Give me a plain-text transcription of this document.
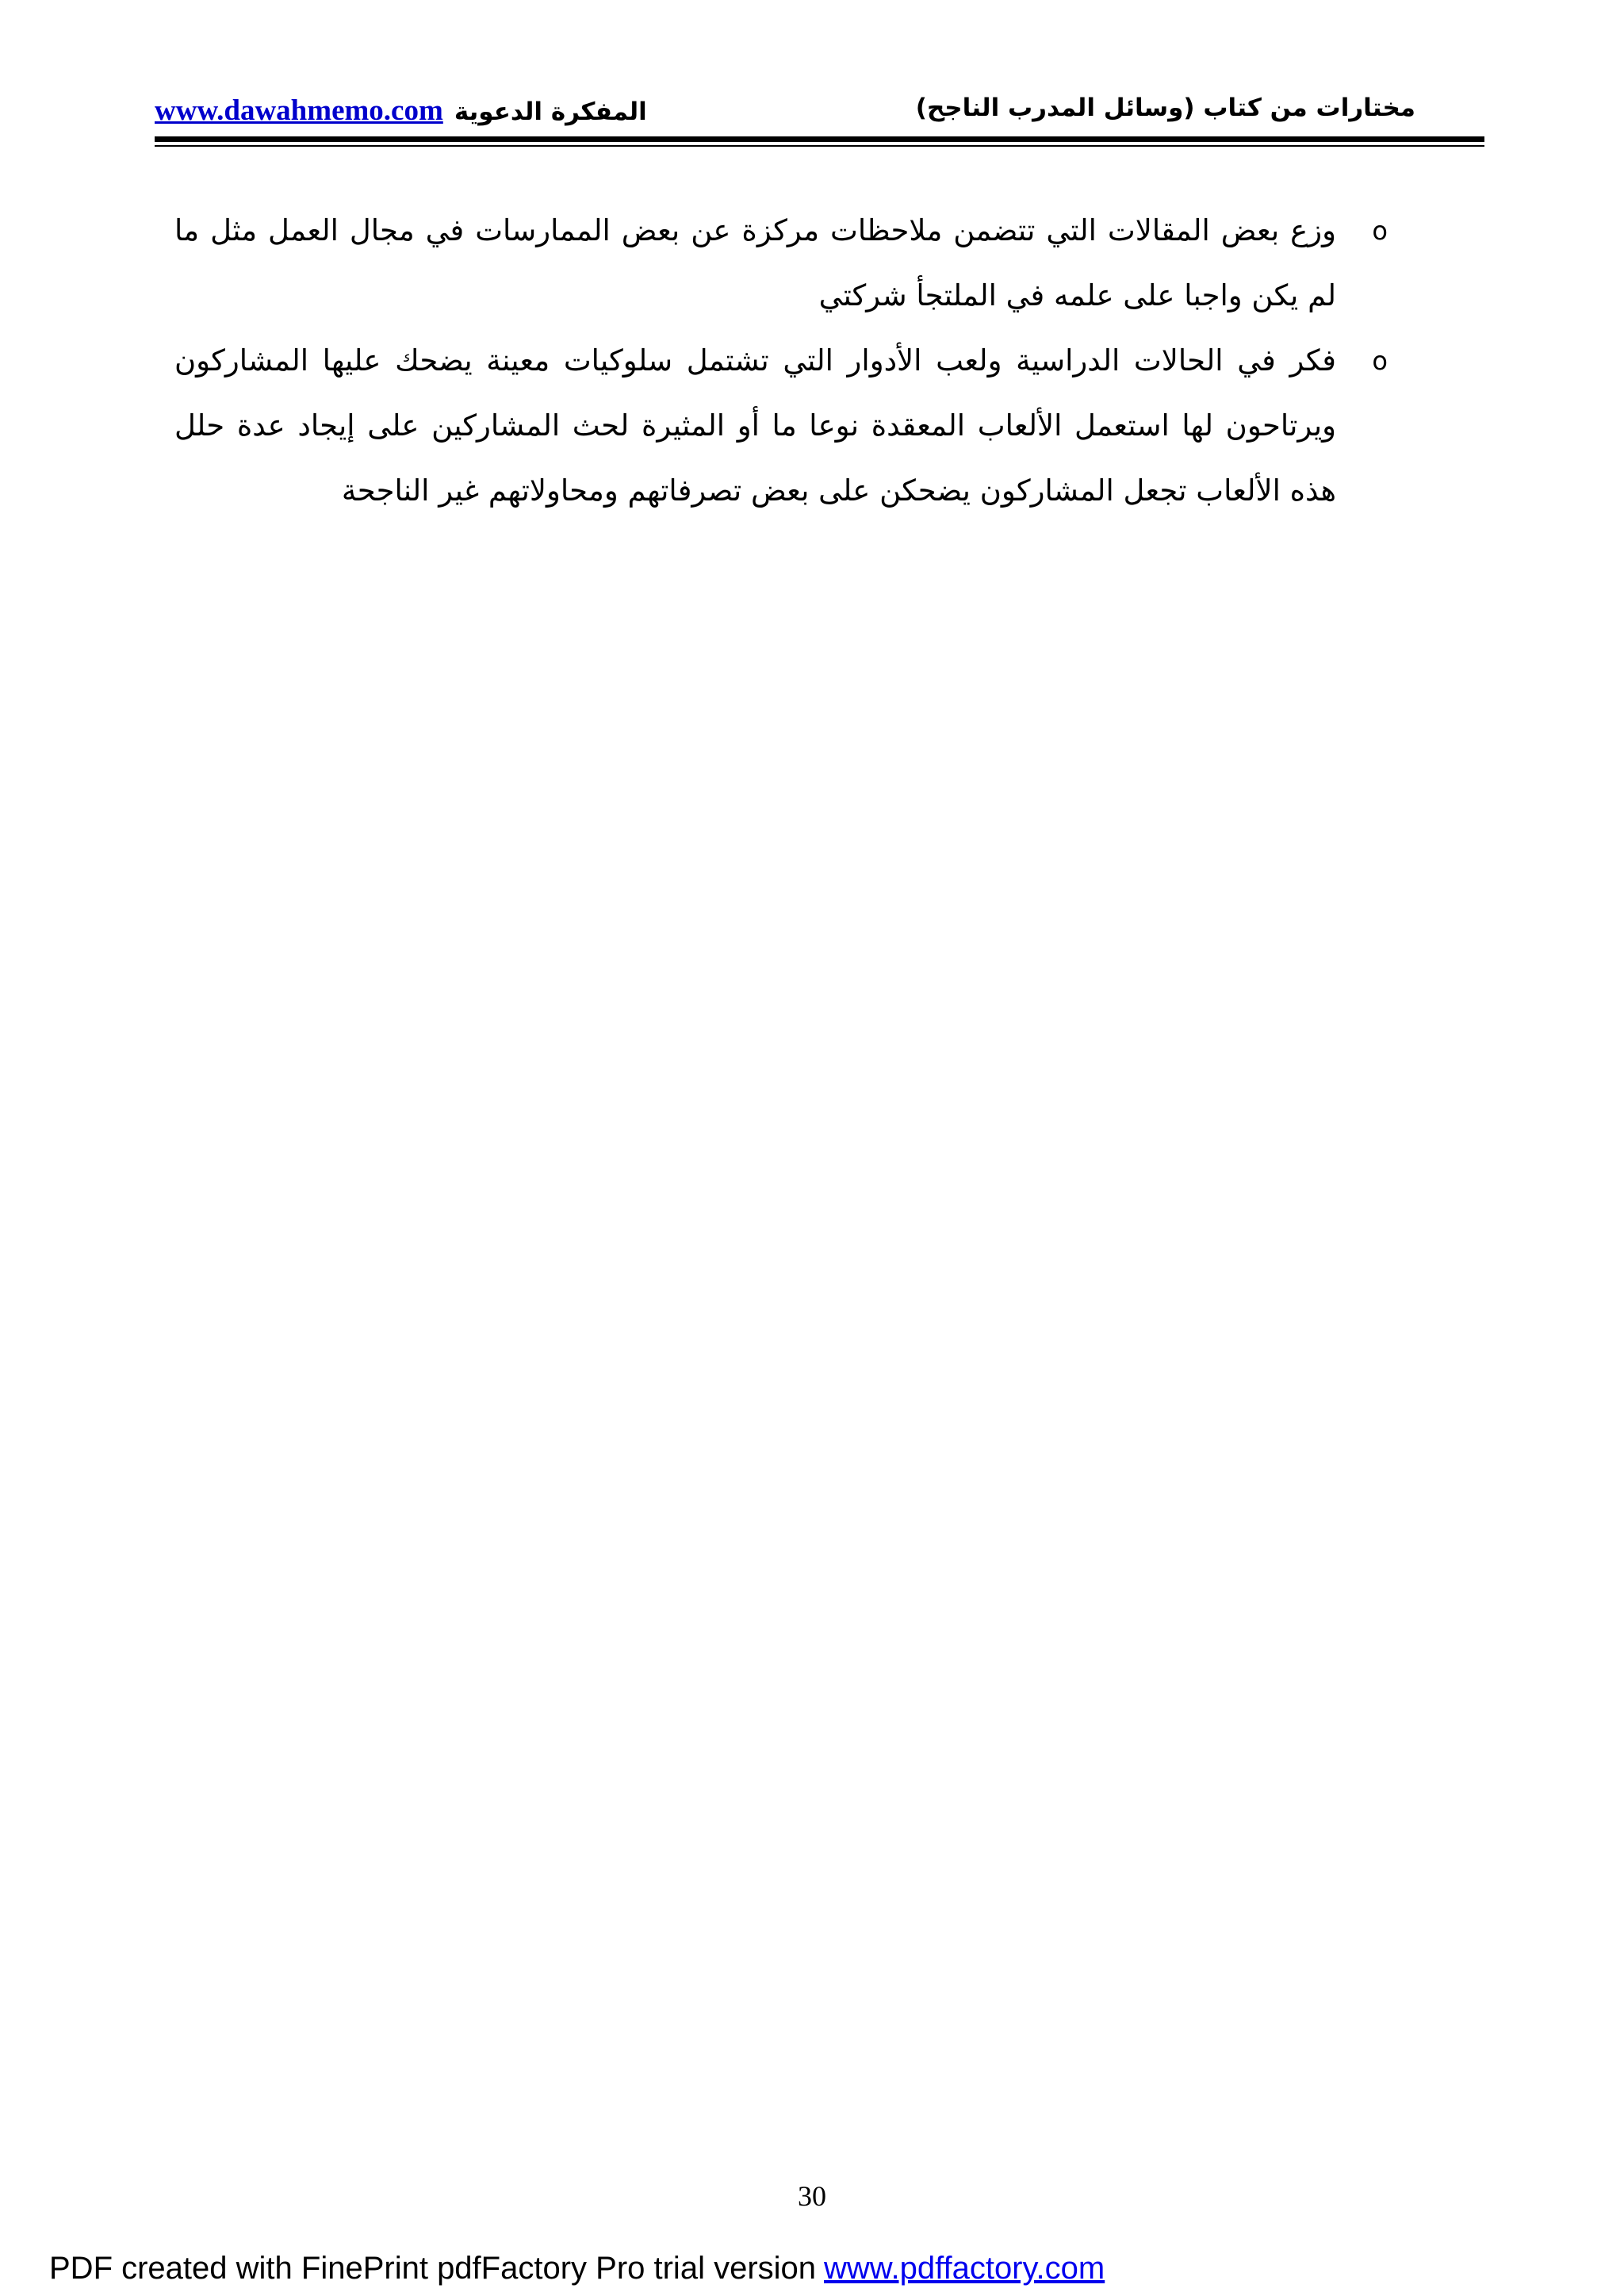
www.dawahmemo.com المفكرة الدعوية	مختارات من كتاب (وسائل المدرب الناجح)
o
وزع بعض المقالات التي تتضمن ملاحظات مركزة عن بعض الممارسات في مجال العمل مثل ما لم يكن واجبا على علمه في الملتجأ شركتي
o
فكر في الحالات الدراسية ولعب الأدوار التي تشتمل سلوكيات معينة يضحك عليها المشاركون ويرتاحون لها استعمل الألعاب المعقدة نوعا ما أو المثيرة لحث المشاركين على إيجاد عدة حلل هذه الألعاب تجعل المشاركون يضحكن على بعض تصرفاتهم ومحاولاتهم غير الناجحة
30
PDF created with FinePrint pdfFactory Pro trial version www.pdffactory.com
